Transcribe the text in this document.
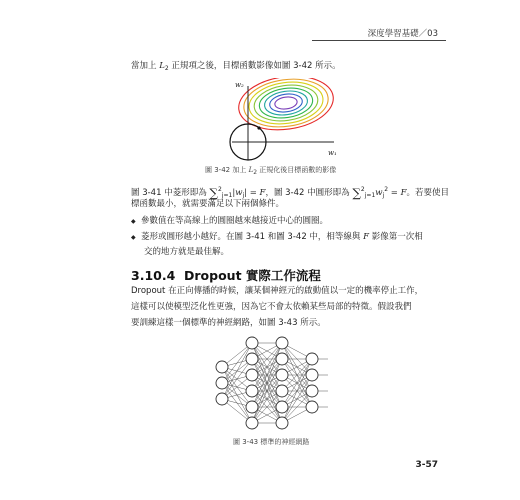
深度學習基礎／03
當加上 $L_2$ 正規項之後，目標函數影像如圖 3-42 所示。
w₂
w₁
圖 3-42 加上 L2 正規化後目標函數的影像
圖 3-41 中菱形即為 $\sum^2_{j=1}|w_j| = F$，圖 3-42 中圓形即為 $\sum^2_{j=1}w_j^2 = F$。若要使目
標函數最小，就需要滿足以下兩個條件。
◆ 參數值在等高線上的圓圈越來越接近中心的圓圈。
◆ 菱形或圓形越小越好。在圖 3-41 和圖 3-42 中，相等線與 F 影像第一次相
交的地方就是最佳解。
3.10.4 Dropout 實際工作流程
Dropout 在正向傳播的時候，讓某個神經元的啟動值以一定的機率停止工作，
這樣可以使模型泛化性更強，因為它不會太依賴某些局部的特徵。假設我們
要訓練這樣一個標準的神經網路，如圖 3-43 所示。
圖 3-43 標準的神經網路
3-57
